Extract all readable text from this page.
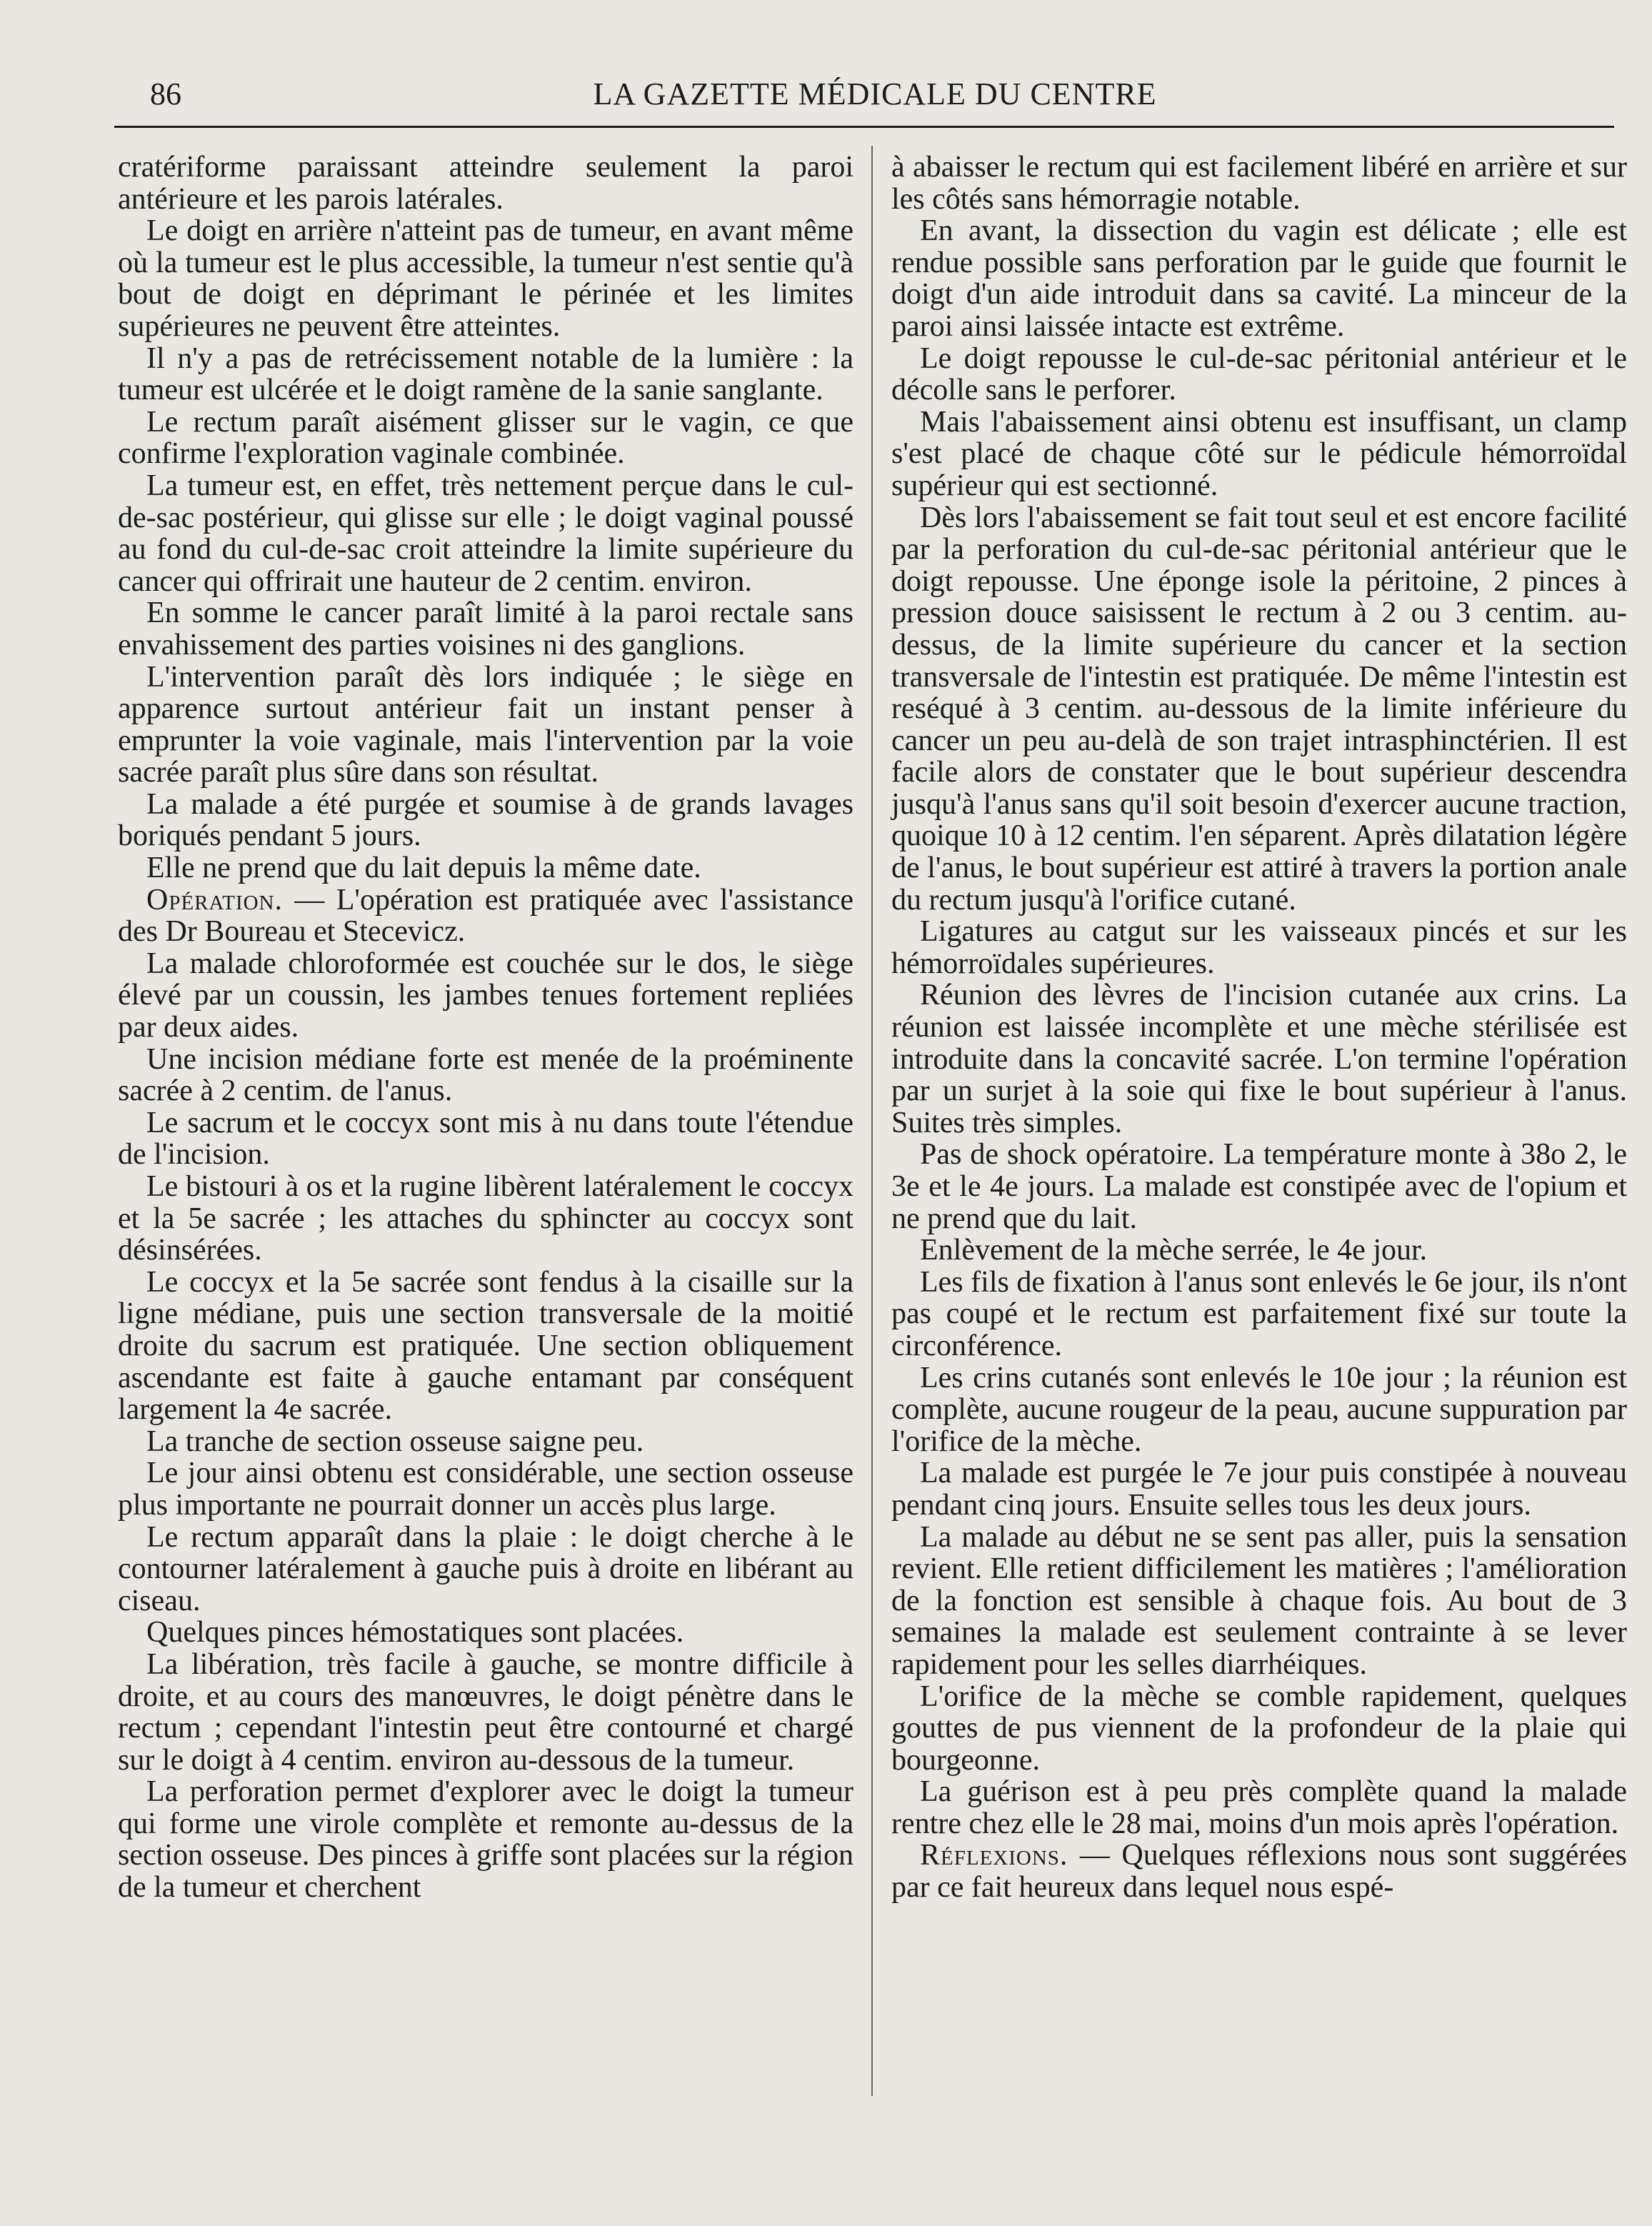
86	LA GAZETTE MÉDICALE DU CENTRE

cratériforme paraissant atteindre seulement la paroi antérieure et les parois latérales.

Le doigt en arrière n'atteint pas de tumeur, en avant même où la tumeur est le plus accessible, la tumeur n'est sentie qu'à bout de doigt en déprimant le périnée et les limites supérieures ne peuvent être atteintes.

Il n'y a pas de retrécissement notable de la lumière : la tumeur est ulcérée et le doigt ramène de la sanie sanglante.

Le rectum paraît aisément glisser sur le vagin, ce que confirme l'exploration vaginale combinée.

La tumeur est, en effet, très nettement perçue dans le cul-de-sac postérieur, qui glisse sur elle ; le doigt vaginal poussé au fond du cul-de-sac croit atteindre la limite supérieure du cancer qui offrirait une hauteur de 2 centim. environ.

En somme le cancer paraît limité à la paroi rectale sans envahissement des parties voisines ni des ganglions.

L'intervention paraît dès lors indiquée ; le siège en apparence surtout antérieur fait un instant penser à emprunter la voie vaginale, mais l'intervention par la voie sacrée paraît plus sûre dans son résultat.

La malade a été purgée et soumise à de grands lavages boriqués pendant 5 jours.

Elle ne prend que du lait depuis la même date.

Opération. — L'opération est pratiquée avec l'assistance des Dr Boureau et Stecevicz.

La malade chloroformée est couchée sur le dos, le siège élevé par un coussin, les jambes tenues fortement repliées par deux aides.

Une incision médiane forte est menée de la proéminente sacrée à 2 centim. de l'anus.

Le sacrum et le coccyx sont mis à nu dans toute l'étendue de l'incision.

Le bistouri à os et la rugine libèrent latéralement le coccyx et la 5e sacrée ; les attaches du sphincter au coccyx sont désinsérées.

Le coccyx et la 5e sacrée sont fendus à la cisaille sur la ligne médiane, puis une section transversale de la moitié droite du sacrum est pratiquée. Une section obliquement ascendante est faite à gauche entamant par conséquent largement la 4e sacrée.

La tranche de section osseuse saigne peu.

Le jour ainsi obtenu est considérable, une section osseuse plus importante ne pourrait donner un accès plus large.

Le rectum apparaît dans la plaie : le doigt cherche à le contourner latéralement à gauche puis à droite en libérant au ciseau.

Quelques pinces hémostatiques sont placées.

La libération, très facile à gauche, se montre difficile à droite, et au cours des manœuvres, le doigt pénètre dans le rectum ; cependant l'intestin peut être contourné et chargé sur le doigt à 4 centim. environ au-dessous de la tumeur.

La perforation permet d'explorer avec le doigt la tumeur qui forme une virole complète et remonte au-dessus de la section osseuse. Des pinces à griffe sont placées sur la région de la tumeur et cherchent

à abaisser le rectum qui est facilement libéré en arrière et sur les côtés sans hémorragie notable.

En avant, la dissection du vagin est délicate ; elle est rendue possible sans perforation par le guide que fournit le doigt d'un aide introduit dans sa cavité. La minceur de la paroi ainsi laissée intacte est extrême.

Le doigt repousse le cul-de-sac péritonial antérieur et le décolle sans le perforer.

Mais l'abaissement ainsi obtenu est insuffisant, un clamp s'est placé de chaque côté sur le pédicule hémorroïdal supérieur qui est sectionné.

Dès lors l'abaissement se fait tout seul et est encore facilité par la perforation du cul-de-sac péritonial antérieur que le doigt repousse. Une éponge isole la péritoine, 2 pinces à pression douce saisissent le rectum à 2 ou 3 centim. au-dessus, de la limite supérieure du cancer et la section transversale de l'intestin est pratiquée. De même l'intestin est reséqué à 3 centim. au-dessous de la limite inférieure du cancer un peu au-delà de son trajet intrasphinctérien. Il est facile alors de constater que le bout supérieur descendra jusqu'à l'anus sans qu'il soit besoin d'exercer aucune traction, quoique 10 à 12 centim. l'en séparent. Après dilatation légère de l'anus, le bout supérieur est attiré à travers la portion anale du rectum jusqu'à l'orifice cutané.

Ligatures au catgut sur les vaisseaux pincés et sur les hémorroïdales supérieures.

Réunion des lèvres de l'incision cutanée aux crins. La réunion est laissée incomplète et une mèche stérilisée est introduite dans la concavité sacrée. L'on termine l'opération par un surjet à la soie qui fixe le bout supérieur à l'anus. Suites très simples.

Pas de shock opératoire. La température monte à 38o 2, le 3e et le 4e jours. La malade est constipée avec de l'opium et ne prend que du lait.

Enlèvement de la mèche serrée, le 4e jour.

Les fils de fixation à l'anus sont enlevés le 6e jour, ils n'ont pas coupé et le rectum est parfaitement fixé sur toute la circonférence.

Les crins cutanés sont enlevés le 10e jour ; la réunion est complète, aucune rougeur de la peau, aucune suppuration par l'orifice de la mèche.

La malade est purgée le 7e jour puis constipée à nouveau pendant cinq jours. Ensuite selles tous les deux jours.

La malade au début ne se sent pas aller, puis la sensation revient. Elle retient difficilement les matières ; l'amélioration de la fonction est sensible à chaque fois. Au bout de 3 semaines la malade est seulement contrainte à se lever rapidement pour les selles diarrhéiques.

L'orifice de la mèche se comble rapidement, quelques gouttes de pus viennent de la profondeur de la plaie qui bourgeonne.

La guérison est à peu près complète quand la malade rentre chez elle le 28 mai, moins d'un mois après l'opération.

Réflexions. — Quelques réflexions nous sont suggérées par ce fait heureux dans lequel nous espé-
